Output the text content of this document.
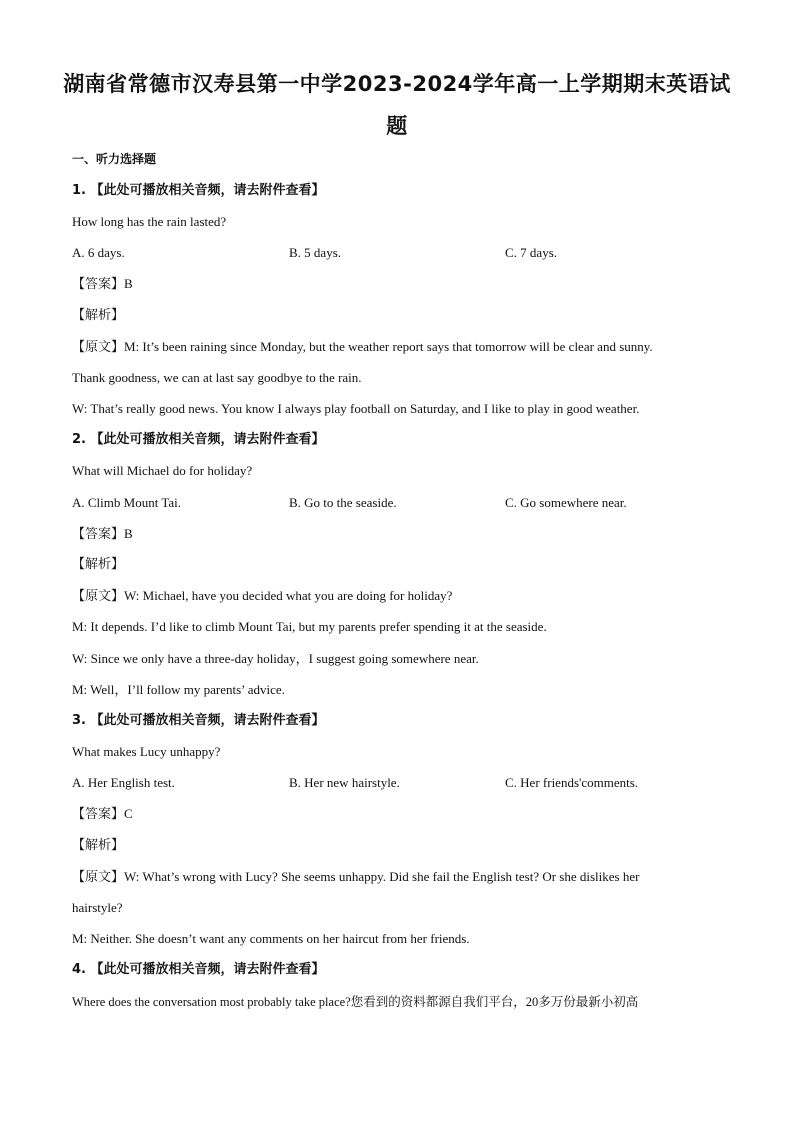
湖南省常德市汉寿县第一中学2023-2024学年高一上学期期末英语试
题
一、听力选择题
1. 【此处可播放相关音频，请去附件查看】
How long has the rain lasted?
A. 6 days.	B. 5 days.	C. 7 days.
【答案】B
【解析】
【原文】M: It’s been raining since Monday, but the weather report says that tomorrow will be clear and sunny.
Thank goodness, we can at last say goodbye to the rain.
W: That’s really good news. You know I always play football on Saturday, and I like to play in good weather.
2. 【此处可播放相关音频，请去附件查看】
What will Michael do for holiday?
A. Climb Mount Tai.	B. Go to the seaside.	C. Go somewhere near.
【答案】B
【解析】
【原文】W: Michael, have you decided what you are doing for holiday?
M: It depends. I’d like to climb Mount Tai, but my parents prefer spending it at the seaside.
W: Since we only have a three-day holiday，I suggest going somewhere near.
M: Well，I’ll follow my parents’ advice.
3. 【此处可播放相关音频，请去附件查看】
What makes Lucy unhappy?
A. Her English test.	B. Her new hairstyle.	C. Her friends'comments.
【答案】C
【解析】
【原文】W: What’s wrong with Lucy? She seems unhappy. Did she fail the English test? Or she dislikes her
hairstyle?
M: Neither. She doesn’t want any comments on her haircut from her friends.
4. 【此处可播放相关音频，请去附件查看】
Where does the conversation most probably take place?您看到的资料都源自我们平台，20多万份最新小初高
